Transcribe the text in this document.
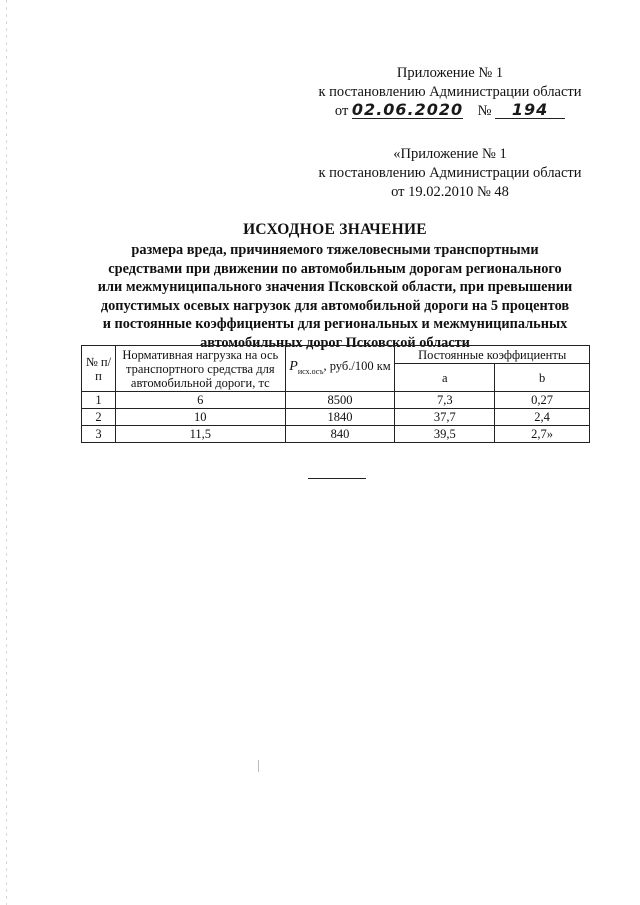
Приложение № 1
к постановлению Администрации области
от 02.06.2020 № 194
«Приложение № 1
к постановлению Администрации области
от 19.02.2010 № 48
ИСХОДНОЕ ЗНАЧЕНИЕ
размера вреда, причиняемого тяжеловесными транспортными
средствами при движении по автомобильным дорогам регионального
или межмуниципального значения Псковской области, при превышении
допустимых осевых нагрузок для автомобильной дороги на 5 процентов
и постоянные коэффициенты для региональных и межмуниципальных
автомобильных дорог Псковской области
№ п/п	Нормативная нагрузка на ось транспортного средства для автомобильной дороги, тс	$P_{исх.осъ}$, руб./100 км	Постоянные коэффициенты	
			a	b
1	6	8500	7,3	0,27
2	10	1840	37,7	2,4
3	11,5	840	39,5	2,7»
